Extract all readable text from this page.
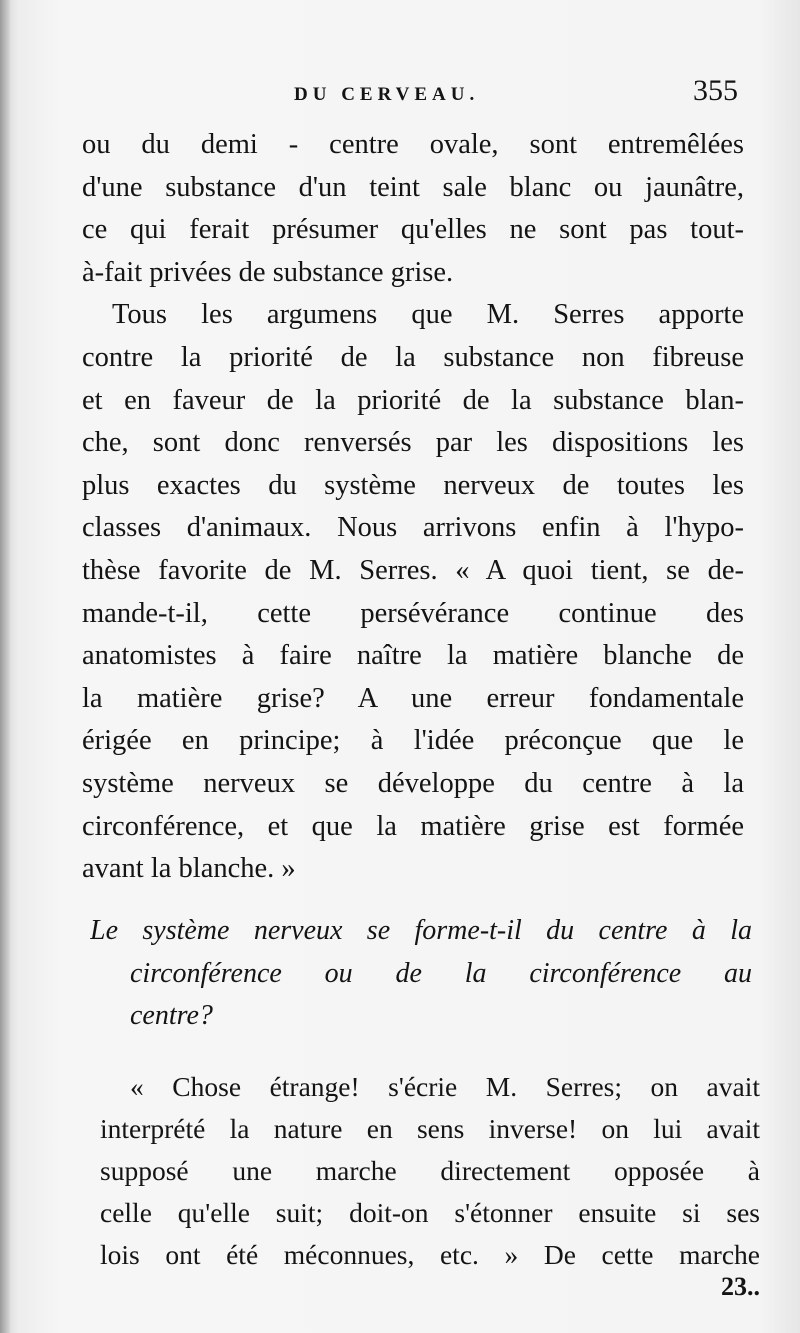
DU CERVEAU.	355
ou du demi - centre ovale, sont entremêlées
d'une substance d'un teint sale blanc ou jaunâtre,
ce qui ferait présumer qu'elles ne sont pas tout-
à-fait privées de substance grise.
Tous les argumens que M. Serres apporte
contre la priorité de la substance non fibreuse
et en faveur de la priorité de la substance blan-
che, sont donc renversés par les dispositions les
plus exactes du système nerveux de toutes les
classes d'animaux. Nous arrivons enfin à l'hypo-
thèse favorite de M. Serres. « A quoi tient, se de-
mande-t-il, cette persévérance continue des
anatomistes à faire naître la matière blanche de
la matière grise? A une erreur fondamentale
érigée en principe; à l'idée préconçue que le
système nerveux se développe du centre à la
circonférence, et que la matière grise est formée
avant la blanche. »
Le système nerveux se forme-t-il du centre à la
circonférence ou de la circonférence au
centre?
« Chose étrange! s'écrie M. Serres; on avait
interprété la nature en sens inverse! on lui avait
supposé une marche directement opposée à
celle qu'elle suit; doit-on s'étonner ensuite si ses
lois ont été méconnues, etc. » De cette marche
23..
